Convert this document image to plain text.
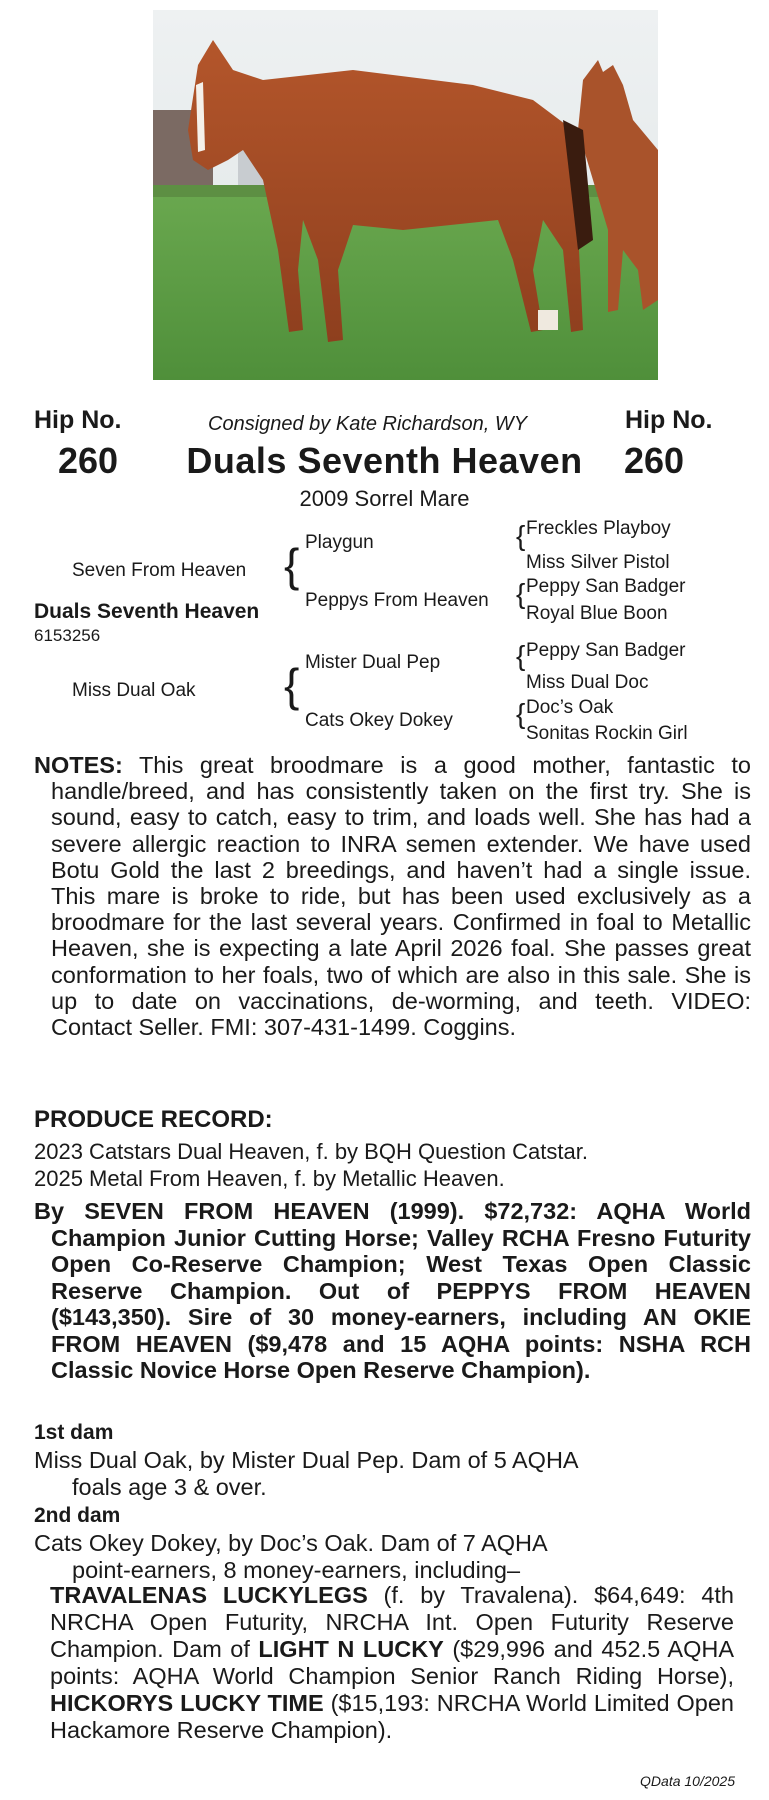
Hip No.	Consigned by Kate Richardson, WY	Hip No.
260	Duals Seventh Heaven	260
2009 Sorrel Mare
Seven From Heaven
Duals Seventh Heaven
6153256
Miss Dual Oak
{
{
Playgun
Peppys From Heaven
Mister Dual Pep
Cats Okey Dokey
{
{
{
{
Freckles Playboy
Miss Silver Pistol
Peppy San Badger
Royal Blue Boon
Peppy San Badger
Miss Dual Doc
Doc’s Oak
Sonitas Rockin Girl
NOTES: This great broodmare is a good mother, fantastic to handle/breed, and has consistently taken on the first try. She is sound, easy to catch, easy to trim, and loads well. She has had a severe allergic reaction to INRA semen extender. We have used Botu Gold the last 2 breedings, and haven’t had a single issue. This mare is broke to ride, but has been used exclusively as a broodmare for the last several years. Confirmed in foal to Metallic Heaven, she is expecting a late April 2026 foal. She passes great conformation to her foals, two of which are also in this sale. She is up to date on vaccinations, de-worming, and teeth. VIDEO: Contact Seller. FMI: 307-431-1499. Coggins.
PRODUCE RECORD:
2023 Catstars Dual Heaven, f. by BQH Question Catstar.
2025 Metal From Heaven, f. by Metallic Heaven.
By SEVEN FROM HEAVEN (1999). $72,732: AQHA World Champion Junior Cutting Horse; Valley RCHA Fresno Futurity Open Co-Reserve Champion; West Texas Open Classic Reserve Champion. Out of PEPPYS FROM HEAVEN ($143,350). Sire of 30 money-earners, including AN OKIE FROM HEAVEN ($9,478 and 15 AQHA points: NSHA RCH Classic Novice Horse Open Reserve Champion).
1st dam
Miss Dual Oak, by Mister Dual Pep. Dam of 5 AQHA
foals age 3 & over.
2nd dam
Cats Okey Dokey, by Doc’s Oak. Dam of 7 AQHA
point-earners, 8 money-earners, including–
TRAVALENAS LUCKYLEGS (f. by Travalena). $64,649: 4th NRCHA Open Futurity, NRCHA Int. Open Futurity Reserve Champion. Dam of LIGHT N LUCKY ($29,996 and 452.5 AQHA points: AQHA World Champion Senior Ranch Riding Horse), HICKORYS LUCKY TIME ($15,193: NRCHA World Limited Open Hackamore Reserve Champion).
QData 10/2025
